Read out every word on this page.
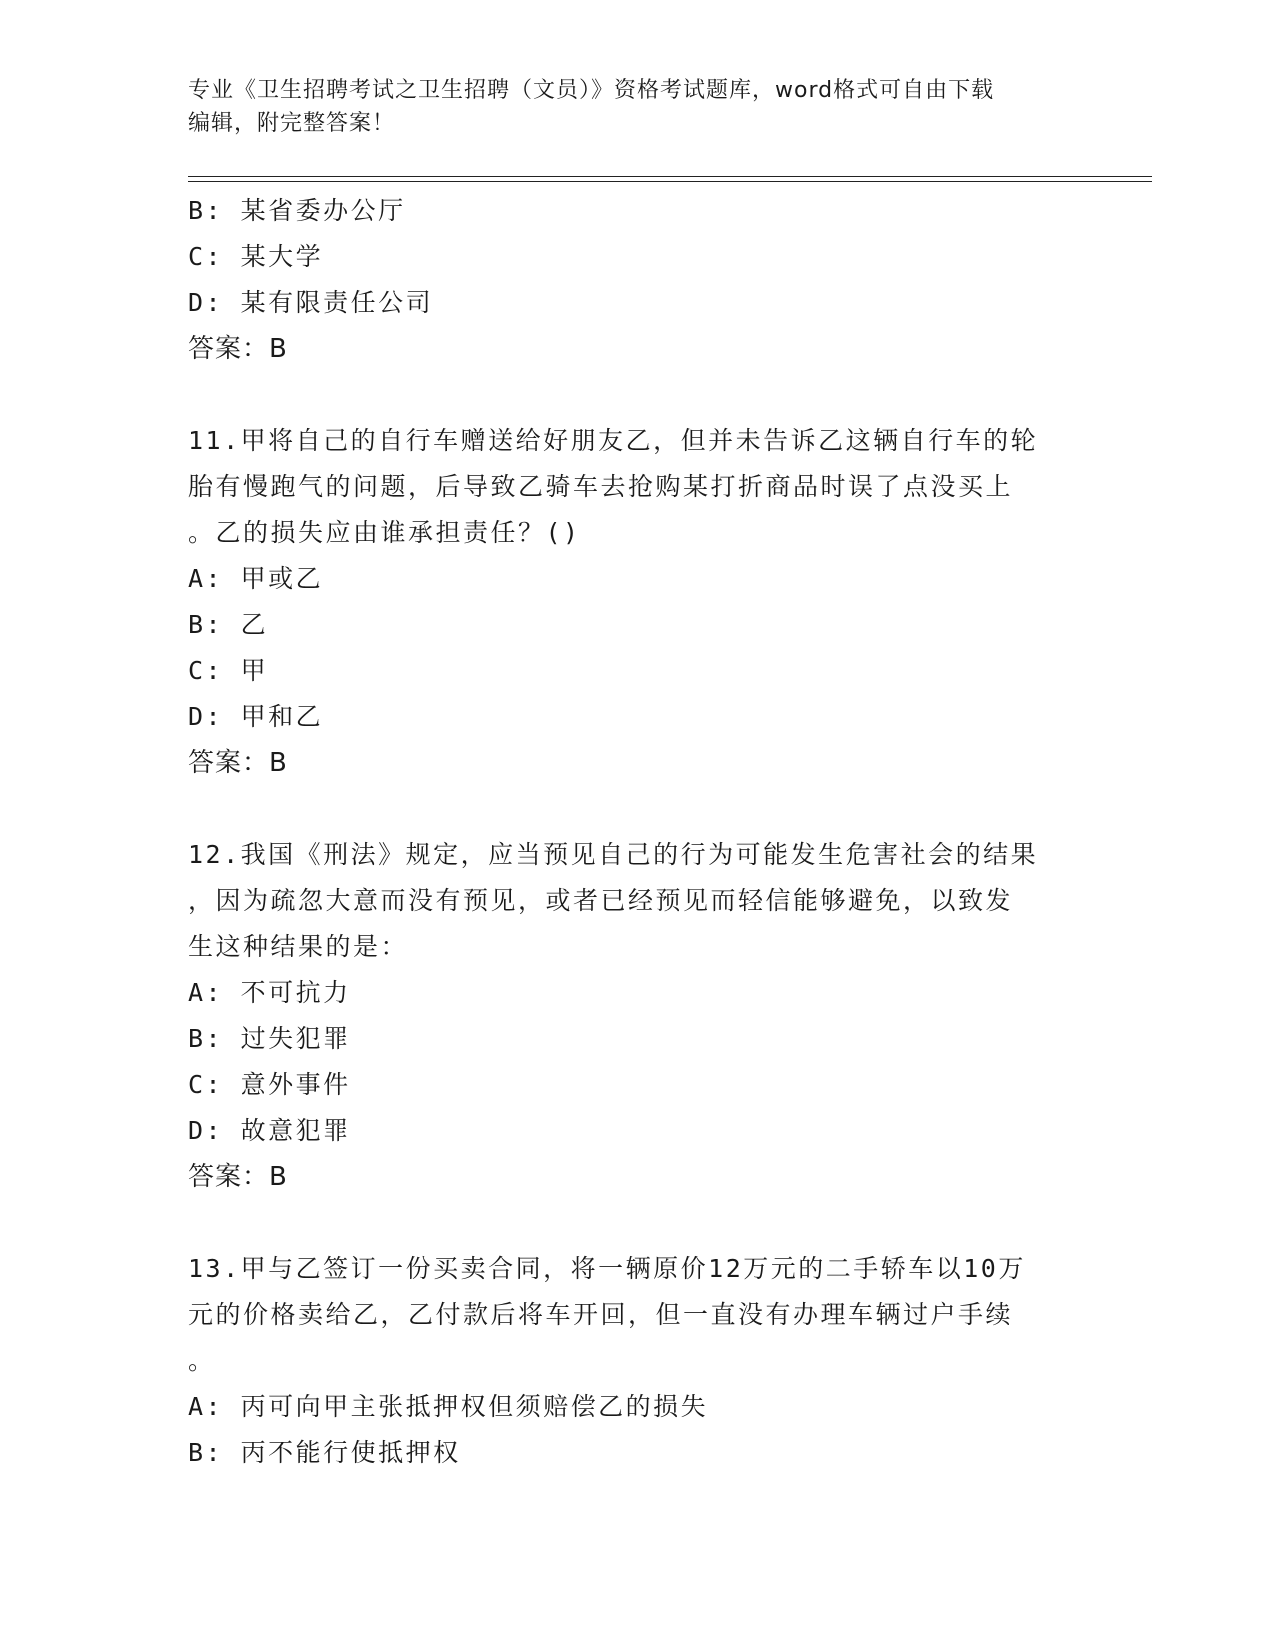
专业《卫生招聘考试之卫生招聘（文员）》资格考试题库，word格式可自由下载
编辑，附完整答案！
B: 某省委办公厅
C: 某大学
D: 某有限责任公司
答案：B
11.甲将自己的自行车赠送给好朋友乙，但并未告诉乙这辆自行车的轮
胎有慢跑气的问题，后导致乙骑车去抢购某打折商品时误了点没买上
。乙的损失应由谁承担责任？()
A: 甲或乙
B: 乙
C: 甲
D: 甲和乙
答案：B
12.我国《刑法》规定，应当预见自己的行为可能发生危害社会的结果
，因为疏忽大意而没有预见，或者已经预见而轻信能够避免，以致发
生这种结果的是：
A: 不可抗力
B: 过失犯罪
C: 意外事件
D: 故意犯罪
答案：B
13.甲与乙签订一份买卖合同，将一辆原价12万元的二手轿车以10万
元的价格卖给乙，乙付款后将车开回，但一直没有办理车辆过户手续
。
A: 丙可向甲主张抵押权但须赔偿乙的损失
B: 丙不能行使抵押权
